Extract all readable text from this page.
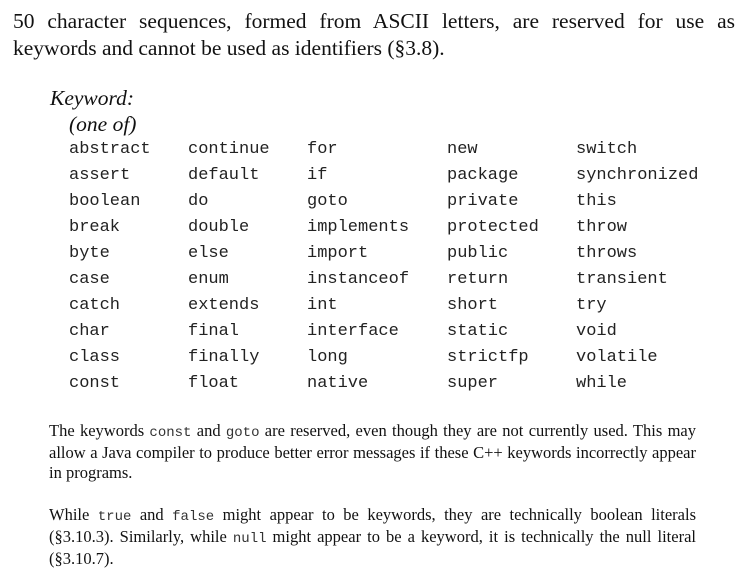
50 character sequences, formed from ASCII letters, are reserved for use as keywords and cannot be used as identifiers (§3.8).
Keyword:
(one of)
abstract continue for	new	switch
assert	default	if	package	synchronized
boolean	do	goto	private	this
break	double	implements protected throw
byte	else	import	public	throws
case	enum	instanceof return	transient
catch	extends	int	short	try
char	final	interface	static	void
class	finally	long	strictfp	volatile
const	float	native	super	while
The keywords const and goto are reserved, even though they are not currently used. This may allow a Java compiler to produce better error messages if these C++ keywords incorrectly appear in programs.
While true and false might appear to be keywords, they are technically boolean literals (§3.10.3). Similarly, while null might appear to be a keyword, it is technically the null literal (§3.10.7).
